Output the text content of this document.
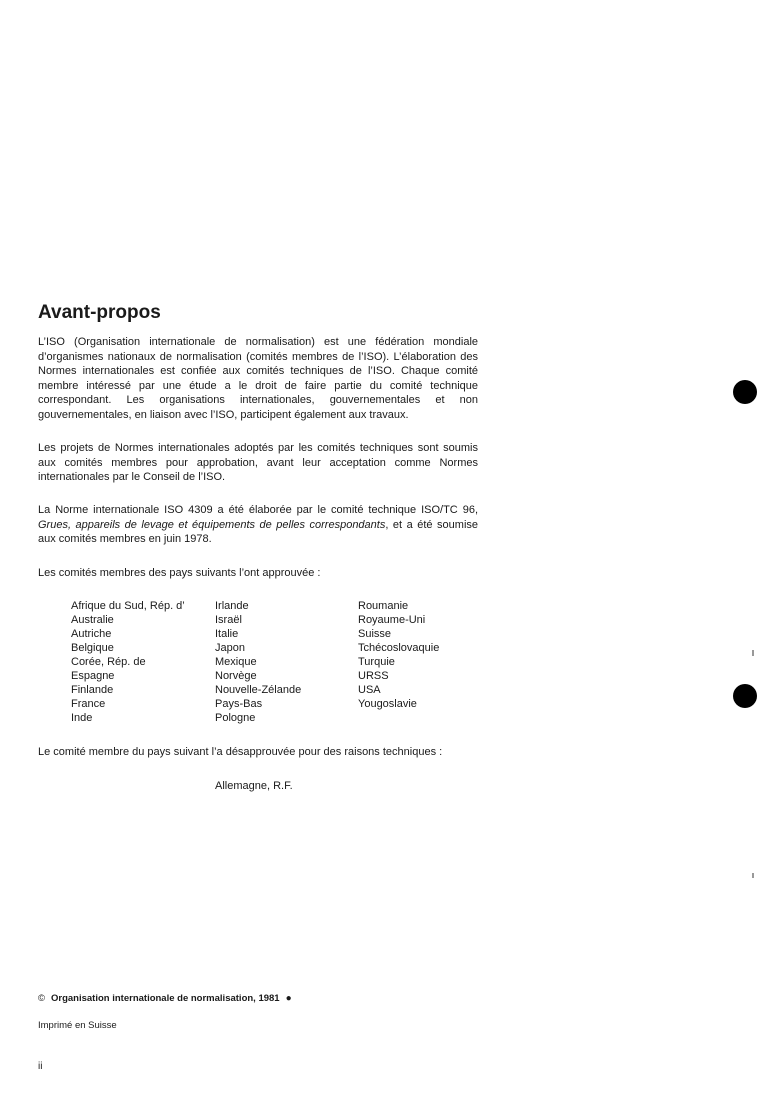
Avant-propos

L’ISO (Organisation internationale de normalisation) est une fédération mondiale d’organismes nationaux de normalisation (comités membres de l’ISO). L’élaboration des Normes internationales est confiée aux comités techniques de l’ISO. Chaque comité membre intéressé par une étude a le droit de faire partie du comité technique correspondant. Les organisations internationales, gouvernementales et non gouvernementales, en liaison avec l’ISO, participent également aux travaux.

Les projets de Normes internationales adoptés par les comités techniques sont soumis aux comités membres pour approbation, avant leur acceptation comme Normes internationales par le Conseil de l’ISO.

La Norme internationale ISO 4309 a été élaborée par le comité technique ISO/TC 96, Grues, appareils de levage et équipements de pelles correspondants, et a été soumise aux comités membres en juin 1978.

Les comités membres des pays suivants l’ont approuvée :

Afrique du Sud, Rép. d’
Australie
Autriche
Belgique
Corée, Rép. de
Espagne
Finlande
France
Inde
Irlande
Israël
Italie
Japon
Mexique
Norvège
Nouvelle-Zélande
Pays-Bas
Pologne
Roumanie
Royaume-Uni
Suisse
Tchécoslovaquie
Turquie
URSS
USA
Yougoslavie

Le comité membre du pays suivant l’a désapprouvée pour des raisons techniques :

Allemagne, R.F.
© Organisation internationale de normalisation, 1981 ●
Imprimé en Suisse
ii
